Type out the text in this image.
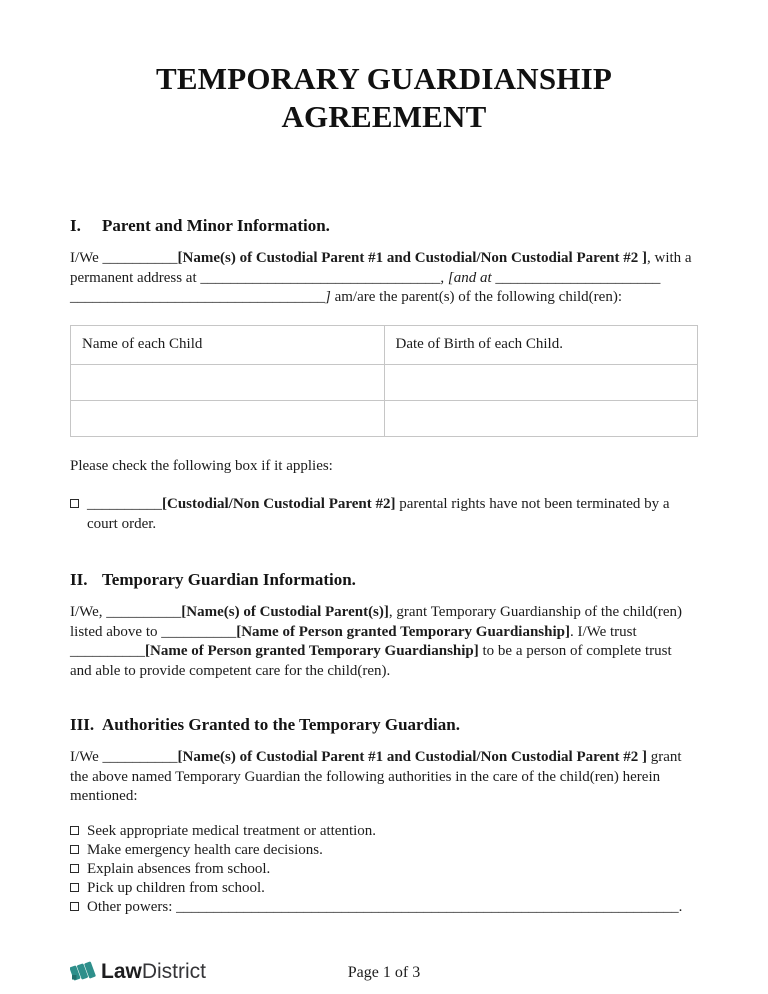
TEMPORARY GUARDIANSHIP AGREEMENT
I. Parent and Minor Information.

I/We __________[Name(s) of Custodial Parent #1 and Custodial/Non Custodial Parent #2 ], with a
permanent address at ________________________________, [and at ______________________
__________________________________] am/are the parent(s) of the following child(ren):

Name of each Child	Date of Birth of each Child.

Please check the following box if it applies:

__________[Custodial/Non Custodial Parent #2] parental rights have not been terminated by a
court order.
II. Temporary Guardian Information.

I/We, __________[Name(s) of Custodial Parent(s)], grant Temporary Guardianship of the child(ren)
listed above to __________[Name of Person granted Temporary Guardianship]. I/We trust
__________[Name of Person granted Temporary Guardianship] to be a person of complete trust
and able to provide competent care for the child(ren).

III. Authorities Granted to the Temporary Guardian.

I/We __________[Name(s) of Custodial Parent #1 and Custodial/Non Custodial Parent #2 ] grant
the above named Temporary Guardian the following authorities in the care of the child(ren) herein
mentioned:

Seek appropriate medical treatment or attention.
Make emergency health care decisions.
Explain absences from school.
Pick up children from school.
Other powers: ___________________________________________________________________.
Law District	Page 1 of 3
